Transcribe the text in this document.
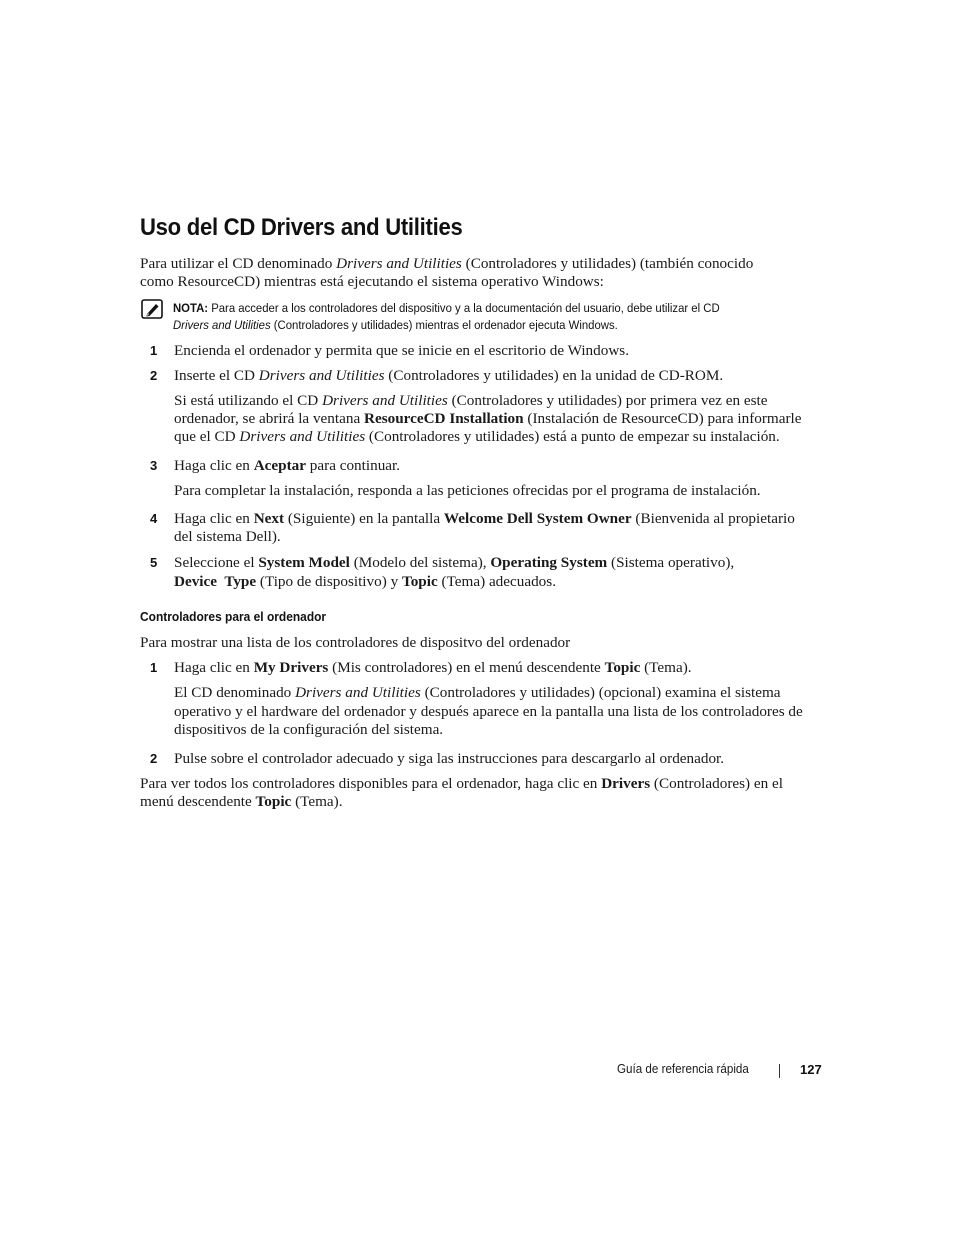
Uso del CD Drivers and Utilities

Para utilizar el CD denominado Drivers and Utilities (Controladores y utilidades) (también conocido

como ResourceCD) mientras está ejecutando el sistema operativo Windows:

NOTA: Para acceder a los controladores del dispositivo y a la documentación del usuario, debe utilizar el CD

Drivers and Utilities (Controladores y utilidades) mientras el ordenador ejecuta Windows.

1 Encienda el ordenador y permita que se inicie en el escritorio de Windows.

2 Inserte el CD Drivers and Utilities (Controladores y utilidades) en la unidad de CD-ROM.

Si está utilizando el CD Drivers and Utilities (Controladores y utilidades) por primera vez en este

ordenador, se abrirá la ventana ResourceCD Installation (Instalación de ResourceCD) para informarle

que el CD Drivers and Utilities (Controladores y utilidades) está a punto de empezar su instalación.

3 Haga clic en Aceptar para continuar.

Para completar la instalación, responda a las peticiones ofrecidas por el programa de instalación.

4 Haga clic en Next (Siguiente) en la pantalla Welcome Dell System Owner (Bienvenida al propietario

del sistema Dell).

5 Seleccione el System Model (Modelo del sistema), Operating System (Sistema operativo),

Device  Type (Tipo de dispositivo) y Topic (Tema) adecuados.

Controladores para el ordenador

Para mostrar una lista de los controladores de dispositvo del ordenador

1 Haga clic en My Drivers (Mis controladores) en el menú descendente Topic (Tema).

El CD denominado Drivers and Utilities (Controladores y utilidades) (opcional) examina el sistema

operativo y el hardware del ordenador y después aparece en la pantalla una lista de los controladores de

dispositivos de la configuración del sistema.

2 Pulse sobre el controlador adecuado y siga las instrucciones para descargarlo al ordenador.

Para ver todos los controladores disponibles para el ordenador, haga clic en Drivers (Controladores) en el

menú descendente Topic (Tema).

Guía de referencia rápida	127
